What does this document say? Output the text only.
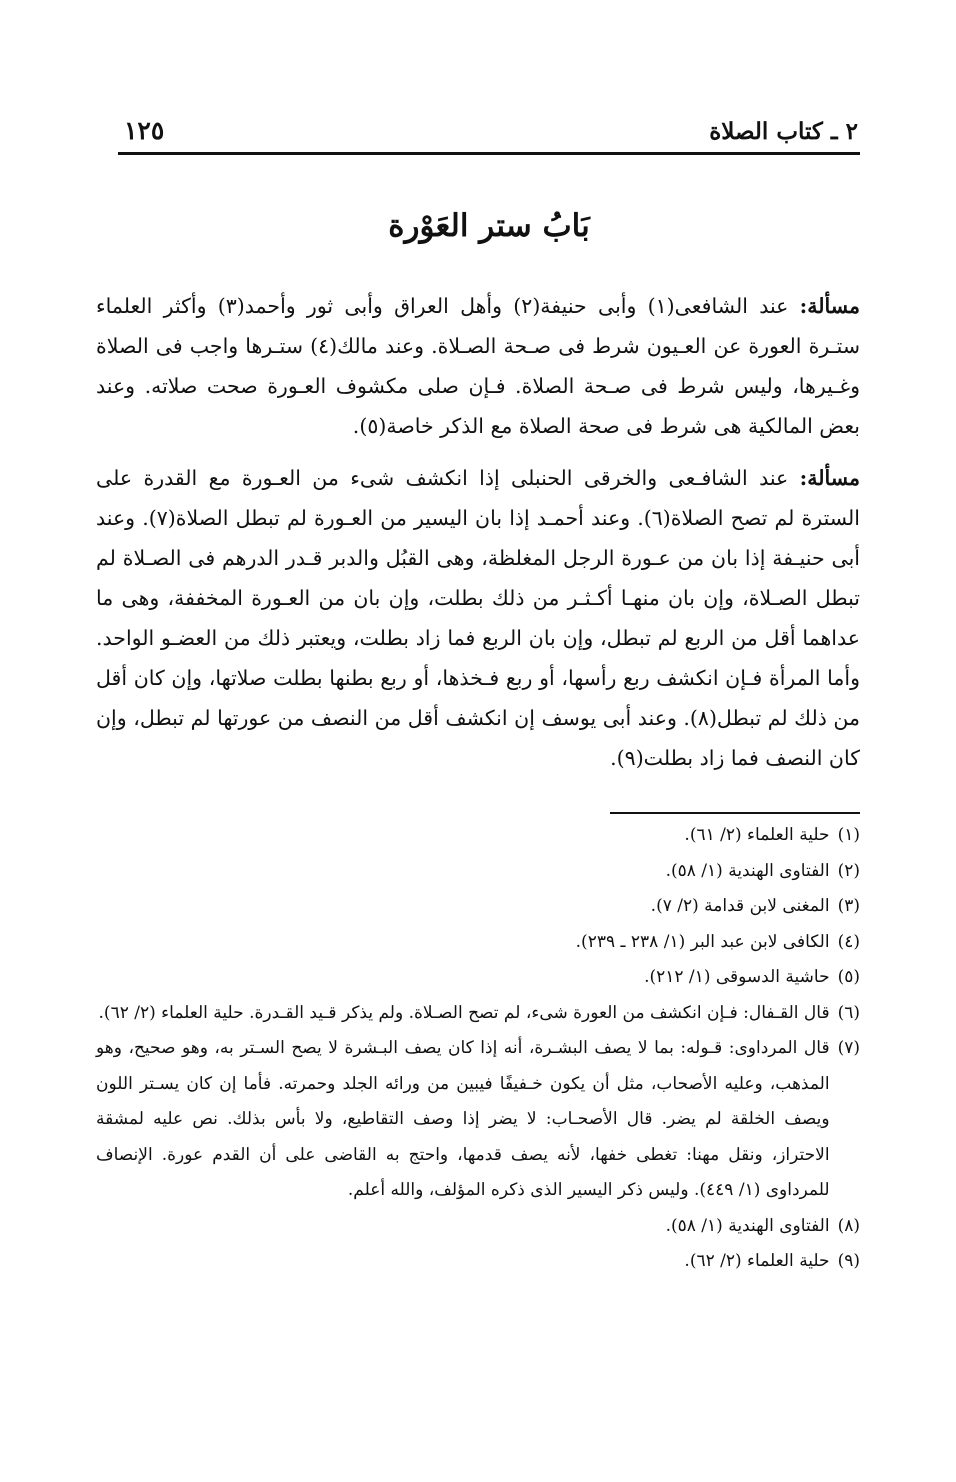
٢ ـ كتاب الصلاة
١٢٥
بَابُ ستر العَوْرة

مسألة: عند الشافعى(١) وأبى حنيفة(٢) وأهل العراق وأبى ثور وأحمد(٣) وأكثر العلماء ستـرة العورة عن العـيون شرط فى صـحة الصـلاة. وعند مالك(٤) ستـرها واجب فى الصلاة وغـيرها، وليس شرط فى صـحة الصلاة. فـإن صلى مكشوف العـورة صحت صلاته. وعند بعض المالكية هى شرط فى صحة الصلاة مع الذكر خاصة(٥).

مسألة: عند الشافـعى والخرقى الحنبلى إذا انكشف شىء من العـورة مع القدرة على السترة لم تصح الصلاة(٦). وعند أحمـد إذا بان اليسير من العـورة لم تبطل الصلاة(٧). وعند أبى حنيـفة إذا بان من عـورة الرجل المغلظة، وهى القبُل والدبر قـدر الدرهم فى الصـلاة لم تبطل الصـلاة، وإن بان منهـا أكـثـر من ذلك بطلت، وإن بان من العـورة المخففة، وهى ما عداهما أقل من الربع لم تبطل، وإن بان الربع فما زاد بطلت، ويعتبر ذلك من العضـو الواحد. وأما المرأة فـإن انكشف ربع رأسها، أو ربع فـخذها، أو ربع بطنها بطلت صلاتها، وإن كان أقل من ذلك لم تبطل(٨). وعند أبى يوسف إن انكشف أقل من النصف من عورتها لم تبطل، وإن كان النصف فما زاد بطلت(٩).

(١)
حلية العلماء (٢/ ٦١).
(٢)
الفتاوى الهندية (١/ ٥٨).
(٣)
المغنى لابن قدامة (٢/ ٧).
(٤)
الكافى لابن عبد البر (١/ ٢٣٨ ـ ٢٣٩).
(٥)
حاشية الدسوقى (١/ ٢١٢).
(٦)
قال القـفال: فـإن انكشف من العورة شىء، لم تصح الصـلاة. ولم يذكر قـيد القـدرة. حلية العلماء (٢/ ٦٢).
(٧)
قال المرداوى: قـوله: بما لا يصف البشـرة، أنه إذا كان يصف البـشرة لا يصح السـتر به، وهو صحيح، وهو المذهب، وعليه الأصحاب، مثل أن يكون خـفيفًا فيبين من ورائه الجلد وحمرته. فأما إن كان يسـتر اللون ويصف الخلقة لم يضر. قال الأصحـاب: لا يضر إذا وصف التقاطيع، ولا بأس بذلك. نص عليه لمشقة الاحتراز، ونقل مهنا: تغطى خفها، لأنه يصف قدمها، واحتج به القاضى على أن القدم عورة. الإنصاف للمرداوى (١/ ٤٤٩). وليس ذكر اليسير الذى ذكره المؤلف، والله أعلم.
(٨)
الفتاوى الهندية (١/ ٥٨).
(٩)
حلية العلماء (٢/ ٦٢).
